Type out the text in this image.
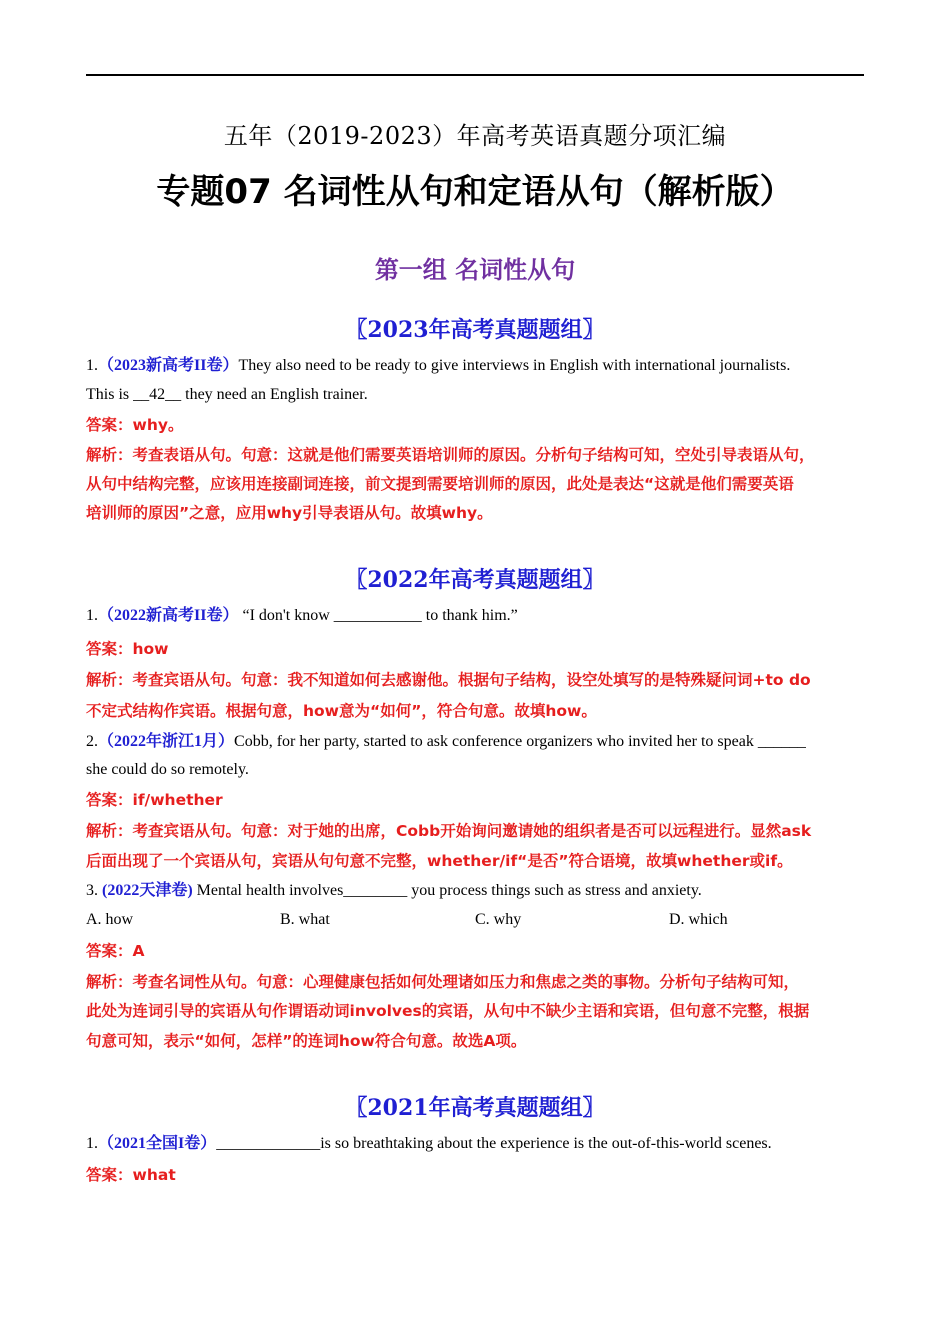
五年（2019-2023）年高考英语真题分项汇编
专题07 名词性从句和定语从句（解析版）
第一组 名词性从句
〖2023年高考真题题组〗
1.（2023新高考II卷）They also need to be ready to give interviews in English with international journalists.
This is __42__ they need an English trainer.
答案：why。
解析：考查表语从句。句意：这就是他们需要英语培训师的原因。分析句子结构可知，空处引导表语从句，
从句中结构完整，应该用连接副词连接，前文提到需要培训师的原因，此处是表达“这就是他们需要英语
培训师的原因”之意，应用why引导表语从句。故填why。
〖2022年高考真题题组〗
1.（2022新高考II卷） “I don't know ___________ to thank him.”
答案：how
解析：考查宾语从句。句意：我不知道如何去感谢他。根据句子结构，设空处填写的是特殊疑问词+to do
不定式结构作宾语。根据句意，how意为“如何”，符合句意。故填how。
2.（2022年浙江1月）Cobb, for her party, started to ask conference organizers who invited her to speak ______
she could do so remotely.
答案：if/whether
解析：考查宾语从句。句意：对于她的出席，Cobb开始询问邀请她的组织者是否可以远程进行。显然ask
后面出现了一个宾语从句，宾语从句句意不完整，whether/if“是否”符合语境，故填whether或if。
3. (2022天津卷) Mental health involves________ you process things such as stress and anxiety.
A. how	B. what	C. why	D. which
答案：A
解析：考查名词性从句。句意：心理健康包括如何处理诸如压力和焦虑之类的事物。分析句子结构可知，
此处为连词引导的宾语从句作谓语动词involves的宾语，从句中不缺少主语和宾语，但句意不完整，根据
句意可知，表示“如何，怎样”的连词how符合句意。故选A项。
〖2021年高考真题题组〗
1.（2021全国I卷）_____________is so breathtaking about the experience is the out-of-this-world scenes.
答案：what
